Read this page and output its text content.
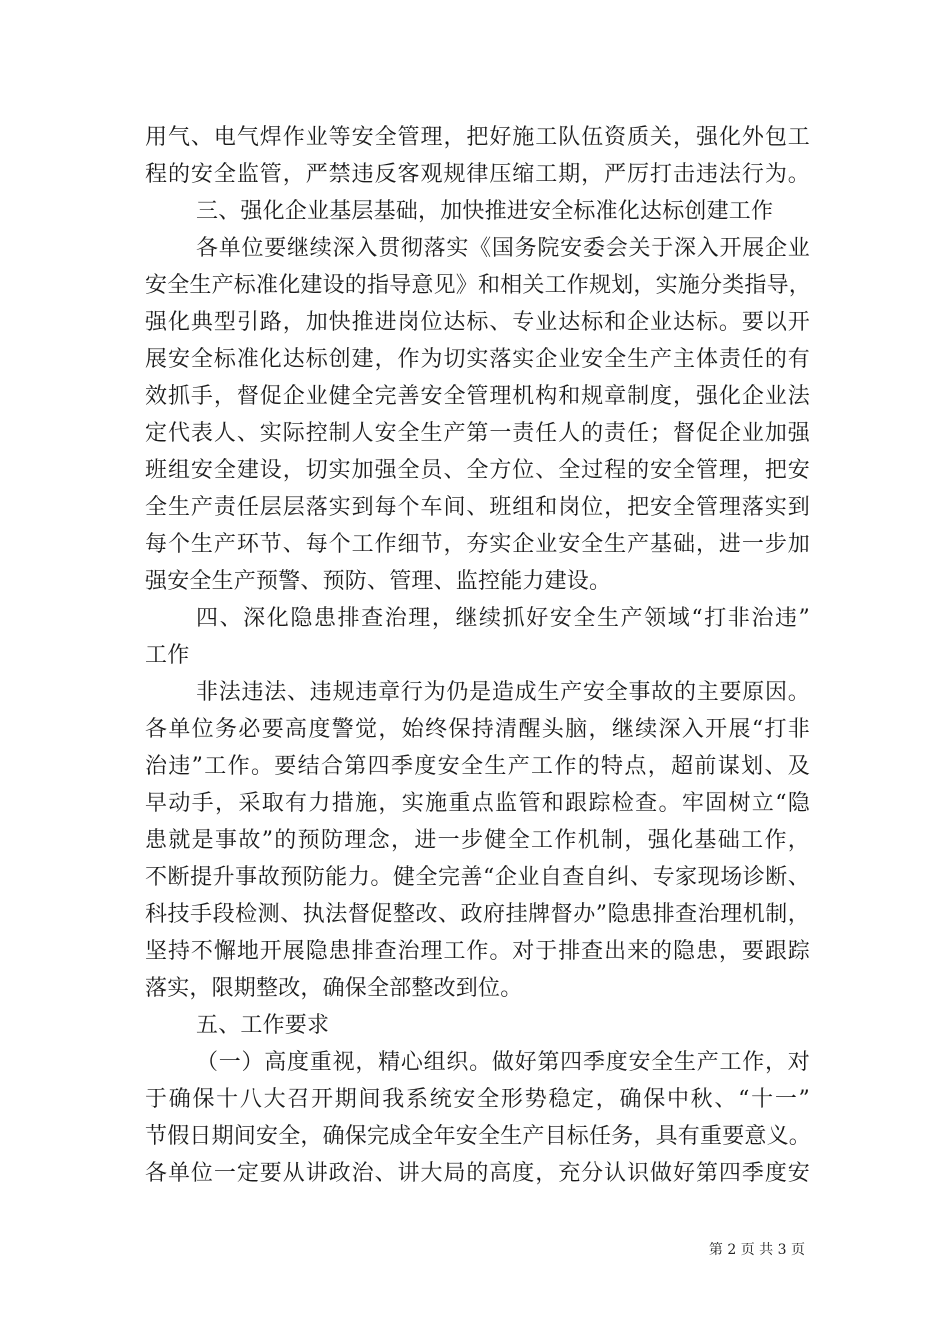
用气、电气焊作业等安全管理，把好施工队伍资质关，强化外包工
程的安全监管，严禁违反客观规律压缩工期，严厉打击违法行为。
三、强化企业基层基础，加快推进安全标准化达标创建工作
各单位要继续深入贯彻落实《国务院安委会关于深入开展企业
安全生产标准化建设的指导意见》和相关工作规划，实施分类指导，
强化典型引路，加快推进岗位达标、专业达标和企业达标。要以开
展安全标准化达标创建，作为切实落实企业安全生产主体责任的有
效抓手，督促企业健全完善安全管理机构和规章制度，强化企业法
定代表人、实际控制人安全生产第一责任人的责任；督促企业加强
班组安全建设，切实加强全员、全方位、全过程的安全管理，把安
全生产责任层层落实到每个车间、班组和岗位，把安全管理落实到
每个生产环节、每个工作细节，夯实企业安全生产基础，进一步加
强安全生产预警、预防、管理、监控能力建设。
四、深化隐患排查治理，继续抓好安全生产领域“打非治违”
工作
非法违法、违规违章行为仍是造成生产安全事故的主要原因。
各单位务必要高度警觉，始终保持清醒头脑，继续深入开展“打非
治违”工作。要结合第四季度安全生产工作的特点，超前谋划、及
早动手，采取有力措施，实施重点监管和跟踪检查。牢固树立“隐
患就是事故”的预防理念，进一步健全工作机制，强化基础工作，
不断提升事故预防能力。健全完善“企业自查自纠、专家现场诊断、
科技手段检测、执法督促整改、政府挂牌督办”隐患排查治理机制，
坚持不懈地开展隐患排查治理工作。对于排查出来的隐患，要跟踪
落实，限期整改，确保全部整改到位。
五、工作要求
（一）高度重视，精心组织。做好第四季度安全生产工作，对
于确保十八大召开期间我系统安全形势稳定，确保中秋、“十一”
节假日期间安全，确保完成全年安全生产目标任务，具有重要意义。
各单位一定要从讲政治、讲大局的高度，充分认识做好第四季度安
第 2 页 共 3 页
